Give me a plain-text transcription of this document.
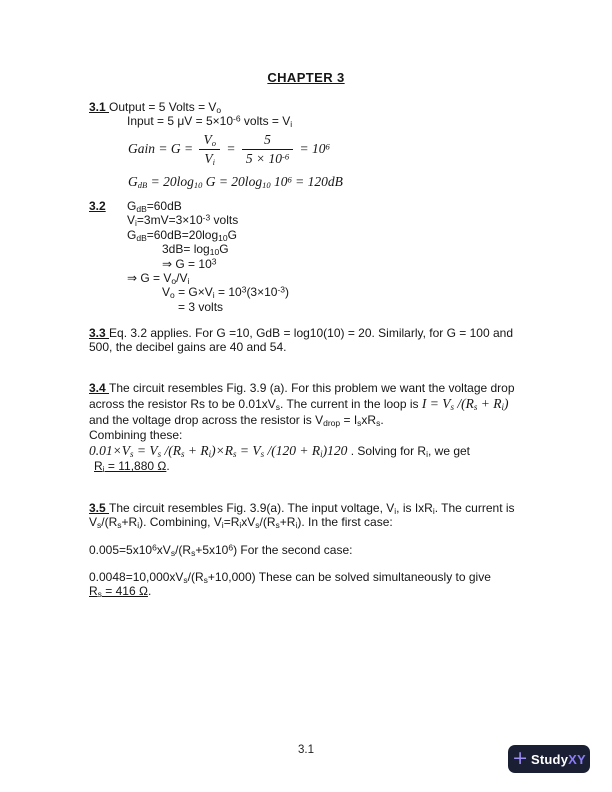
CHAPTER 3
3.1 Output = 5 Volts = $V_o$
Input = 5 $\mu V = 5\times 10^{-6}$ volts = $V_i$
Gain = $G = \frac{V_o}{V_i} = \frac{5}{5 \times 10^{-6}} = 10^6$
$G_{dB} = 20\log_{10}$ $G = 20\log_{10}$ $10^6 = 120dB$
3.2 $G_{dB}=60dB$
$V_i=3mV=3\times 10^{-3}$ volts
$G_{dB}=60dB=20\log_{10}G$
$3dB= \log_{10}G$
⇒ $G = 10^3$
⇒ $G = V_o/V_i$
$V_o = G\times V_i = 10^3(3\times 10^{-3})$
= 3 volts
3.3 Eq. 3.2 applies. For G =10, GdB = log10(10) = 20. Similarly, for G = 100 and
500, the decibel gains are 40 and 54.
3.4 The circuit resembles Fig. 3.9 (a). For this problem we want the voltage drop
across the resistor Rs to be $0.01xV_s$. The current in the loop is $I = V_s$ $/(R_s + R_i)$
and the voltage drop across the resistor is $V_{drop} = I_sxR_s$.
Combining these:
$0.01\times V_s = V_s$ $/(R_s + R_i)\times R_s = V_s$ $/(120 + R_i)120$ . Solving for $R_i$, we get
$R_i = 11,880$ Ω.
3.5 The circuit resembles Fig. 3.9(a). The input voltage, $V_i$, is IxR$_i$. The current is
$V_s/(R_s+R_i)$. Combining, $V_i=R_ixV_s/(R_s+R_i)$. In the first case:
$0.005=5x10^6xV_s/(R_s+5x10^6)$ For the second case:
$0.0048=10,000xV_s/(R_s+10,000)$ These can be solved simultaneously to give
$R_s = 416$ Ω.
3.1	+ StudyXY
